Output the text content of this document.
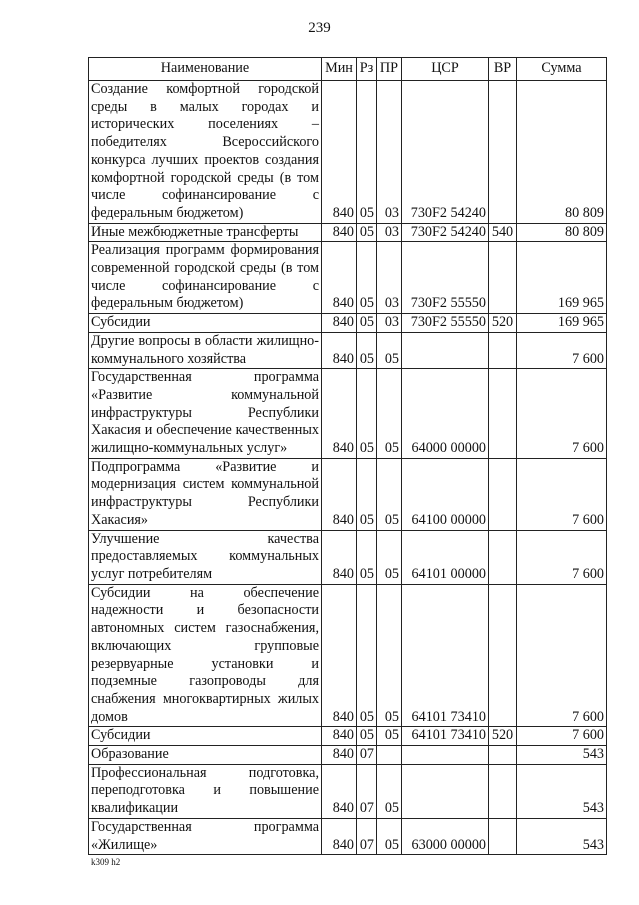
239
Наименование	Мин	Рз	ПР	ЦСР	ВР	Сумма
Создание комфортной городской среды в малых городах и исторических поселениях – победителях Всероссийского конкурса лучших проектов создания комфортной городской среды (в том числе софинансирование с федеральным бюджетом)	840	05	03	730F2 54240		80 809
Иные межбюджетные трансферты	840	05	03	730F2 54240	540	80 809
Реализация программ формирования современной городской среды (в том числе софинансирование с федеральным бюджетом)	840	05	03	730F2 55550		169 965
Субсидии	840	05	03	730F2 55550	520	169 965
Другие вопросы в области жилищно-коммунального хозяйства	840	05	05			7 600
Государственная программа «Развитие коммунальной инфраструктуры Республики Хакасия и обеспечение качественных жилищно-коммунальных услуг»	840	05	05	64000 00000		7 600
Подпрограмма «Развитие и модернизация систем коммунальной инфраструктуры Республики Хакасия»	840	05	05	64100 00000		7 600
Улучшение качества предоставляемых коммунальных услуг потребителям	840	05	05	64101 00000		7 600
Субсидии на обеспечение надежности и безопасности автономных систем газоснабжения, включающих групповые резервуарные установки и подземные газопроводы для снабжения многоквартирных жилых домов	840	05	05	64101 73410		7 600
Субсидии	840	05	05	64101 73410	520	7 600
Образование	840	07				543
Профессиональная подготовка, переподготовка и повышение квалификации	840	07	05			543
Государственная программа «Жилище»	840	07	05	63000 00000		543
k309 h2
